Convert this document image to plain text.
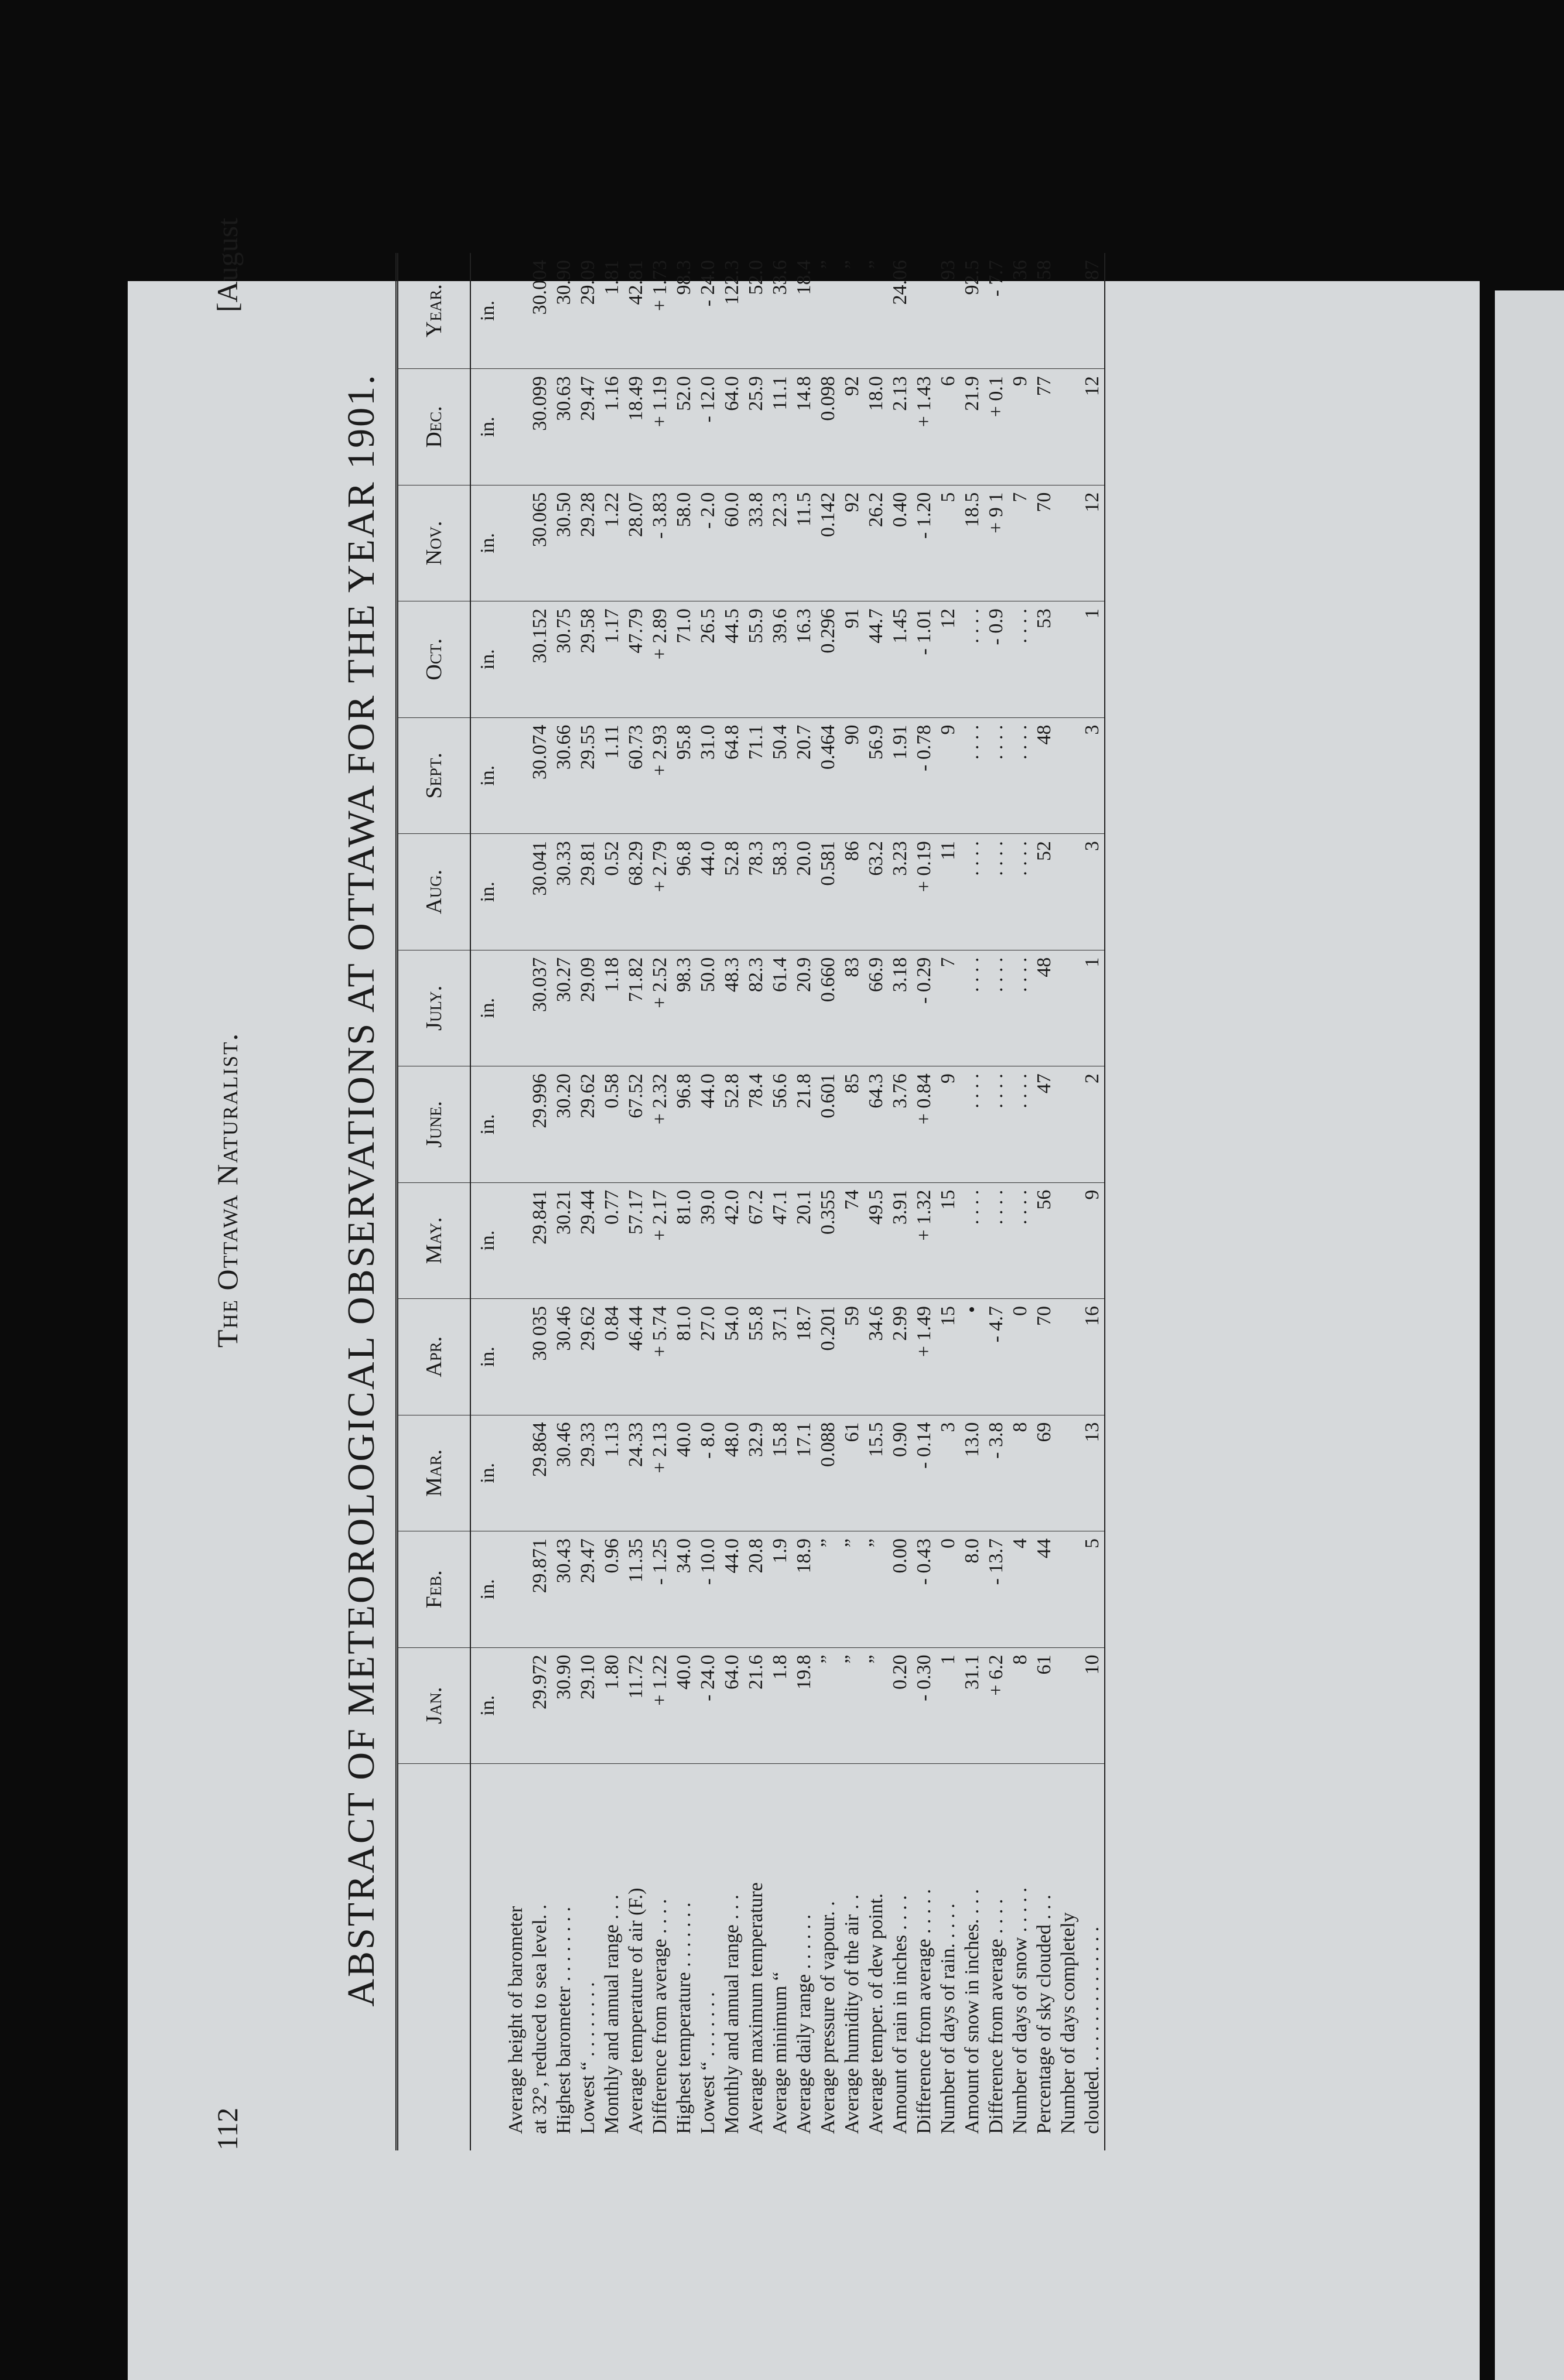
112
The Ottawa Naturalist.
[August
ABSTRACT OF METEOROLOGICAL OBSERVATIONS AT OTTAWA FOR THE YEAR 1901.
	Jan.	Feb.	Mar.	Apr.	May.	June.	July.	Aug.	Sept.	Oct.	Nov.	Dec.	Year.
	in.	in.	in.	in.	in.	in.	in.	in.	in.	in.	in.	in.	in.
Average height of barometer													
at 32°, reduced to sea level. .	29.972	29.871	29.864	30 035	29.841	29.996	30.037	30.041	30.074	30.152	30.065	30.099	30.004
Highest barometer . . . . . . . .	30.90	30.43	30.46	30.46	30.21	30.20	30.27	30.33	30.66	30.75	30.50	30.63	30.90
Lowest “ . . . . . . . .	29.10	29.47	29.33	29.62	29.44	29.62	29.09	29.81	29.55	29.58	29.28	29.47	29.09
Monthly and annual range . . .	1.80	0.96	1.13	0.84	0.77	0.58	1.18	0.52	1.11	1.17	1.22	1.16	1.81
Average temperature of air (F.)	11.72	11.35	24.33	46.44	57.17	67.52	71.82	68.29	60.73	47.79	28.07	18.49	42.81
Difference from average . . . .	+ 1.22	- 1.25	+ 2.13	+ 5.74	+ 2.17	+ 2.32	+ 2.52	+ 2.79	+ 2.93	+ 2.89	- 3.83	+ 1.19	+ 1.73
Highest temperature . . . . . . .	40.0	34.0	40.0	81.0	81.0	96.8	98.3	96.8	95.8	71.0	58.0	52.0	98.3
Lowest “ . . . . . . .	- 24.0	- 10.0	- 8.0	27.0	39.0	44.0	50.0	44.0	31.0	26.5	- 2.0	- 12.0	- 24.0
Monthly and annual range . . .	64.0	44.0	48.0	54.0	42.0	52.8	48.3	52.8	64.8	44.5	60.0	64.0	122.3
Average maximum temperature	21.6	20.8	32.9	55.8	67.2	78.4	82.3	78.3	71.1	55.9	33.8	25.9	52.0
Average minimum “	1.8	1.9	15.8	37.1	47.1	56.6	61.4	58.3	50.4	39.6	22.3	11.1	33.6
Average daily range . . . . . .	19.8	18.9	17.1	18.7	20.1	21.8	20.9	20.0	20.7	16.3	11.5	14.8	18.4
Average pressure of vapour. .	”	”	0.088	0.201	0.355	0.601	0.660	0.581	0.464	0.296	0.142	0.098	”
Average humidity of the air . .	”	”	61	59	74	85	83	86	90	91	92	92	”
Average temper. of dew point.	”	”	15.5	34.6	49.5	64.3	66.9	63.2	56.9	44.7	26.2	18.0	”
Amount of rain in inches . . . .	0.20	0.00	0.90	2.99	3.91	3.76	3.18	3.23	1.91	1.45	0.40	2.13	24.06
Difference from average . . . . .	- 0.30	- 0.43	- 0.14	+ 1.49	+ 1.32	+ 0.84	- 0.29	+ 0.19	- 0.78	- 1.01	- 1.20	+ 1.43	
Number of days of rain. . . . .	1	0	3	15	15	9	7	11	9	12	5	6	93
Amount of snow in inches. . . .	31.1	8.0	13.0	•	. . . .	. . . .	. . . .	. . . .	. . . .	. . . .	18.5	21.9	92.5
Difference from average . . . .	+ 6.2	- 13.7	- 3.8	- 4.7	. . . .	. . . .	. . . .	. . . .	. . . .	- 0.9	+ 9 1	+ 0.1	- 7.7
Number of days of snow . . . . .	8	4	8	0	. . . .	. . . .	. . . .	. . . .	. . . .	. . . .	7	9	36
Percentage of sky clouded . . .	61	44	69	70	56	47	48	52	48	53	70	77	58
Number of days completely													
clouded. . . . . . . . . . . . . . .	10	5	13	16	9	2	1	3	3	1	12	12	87
